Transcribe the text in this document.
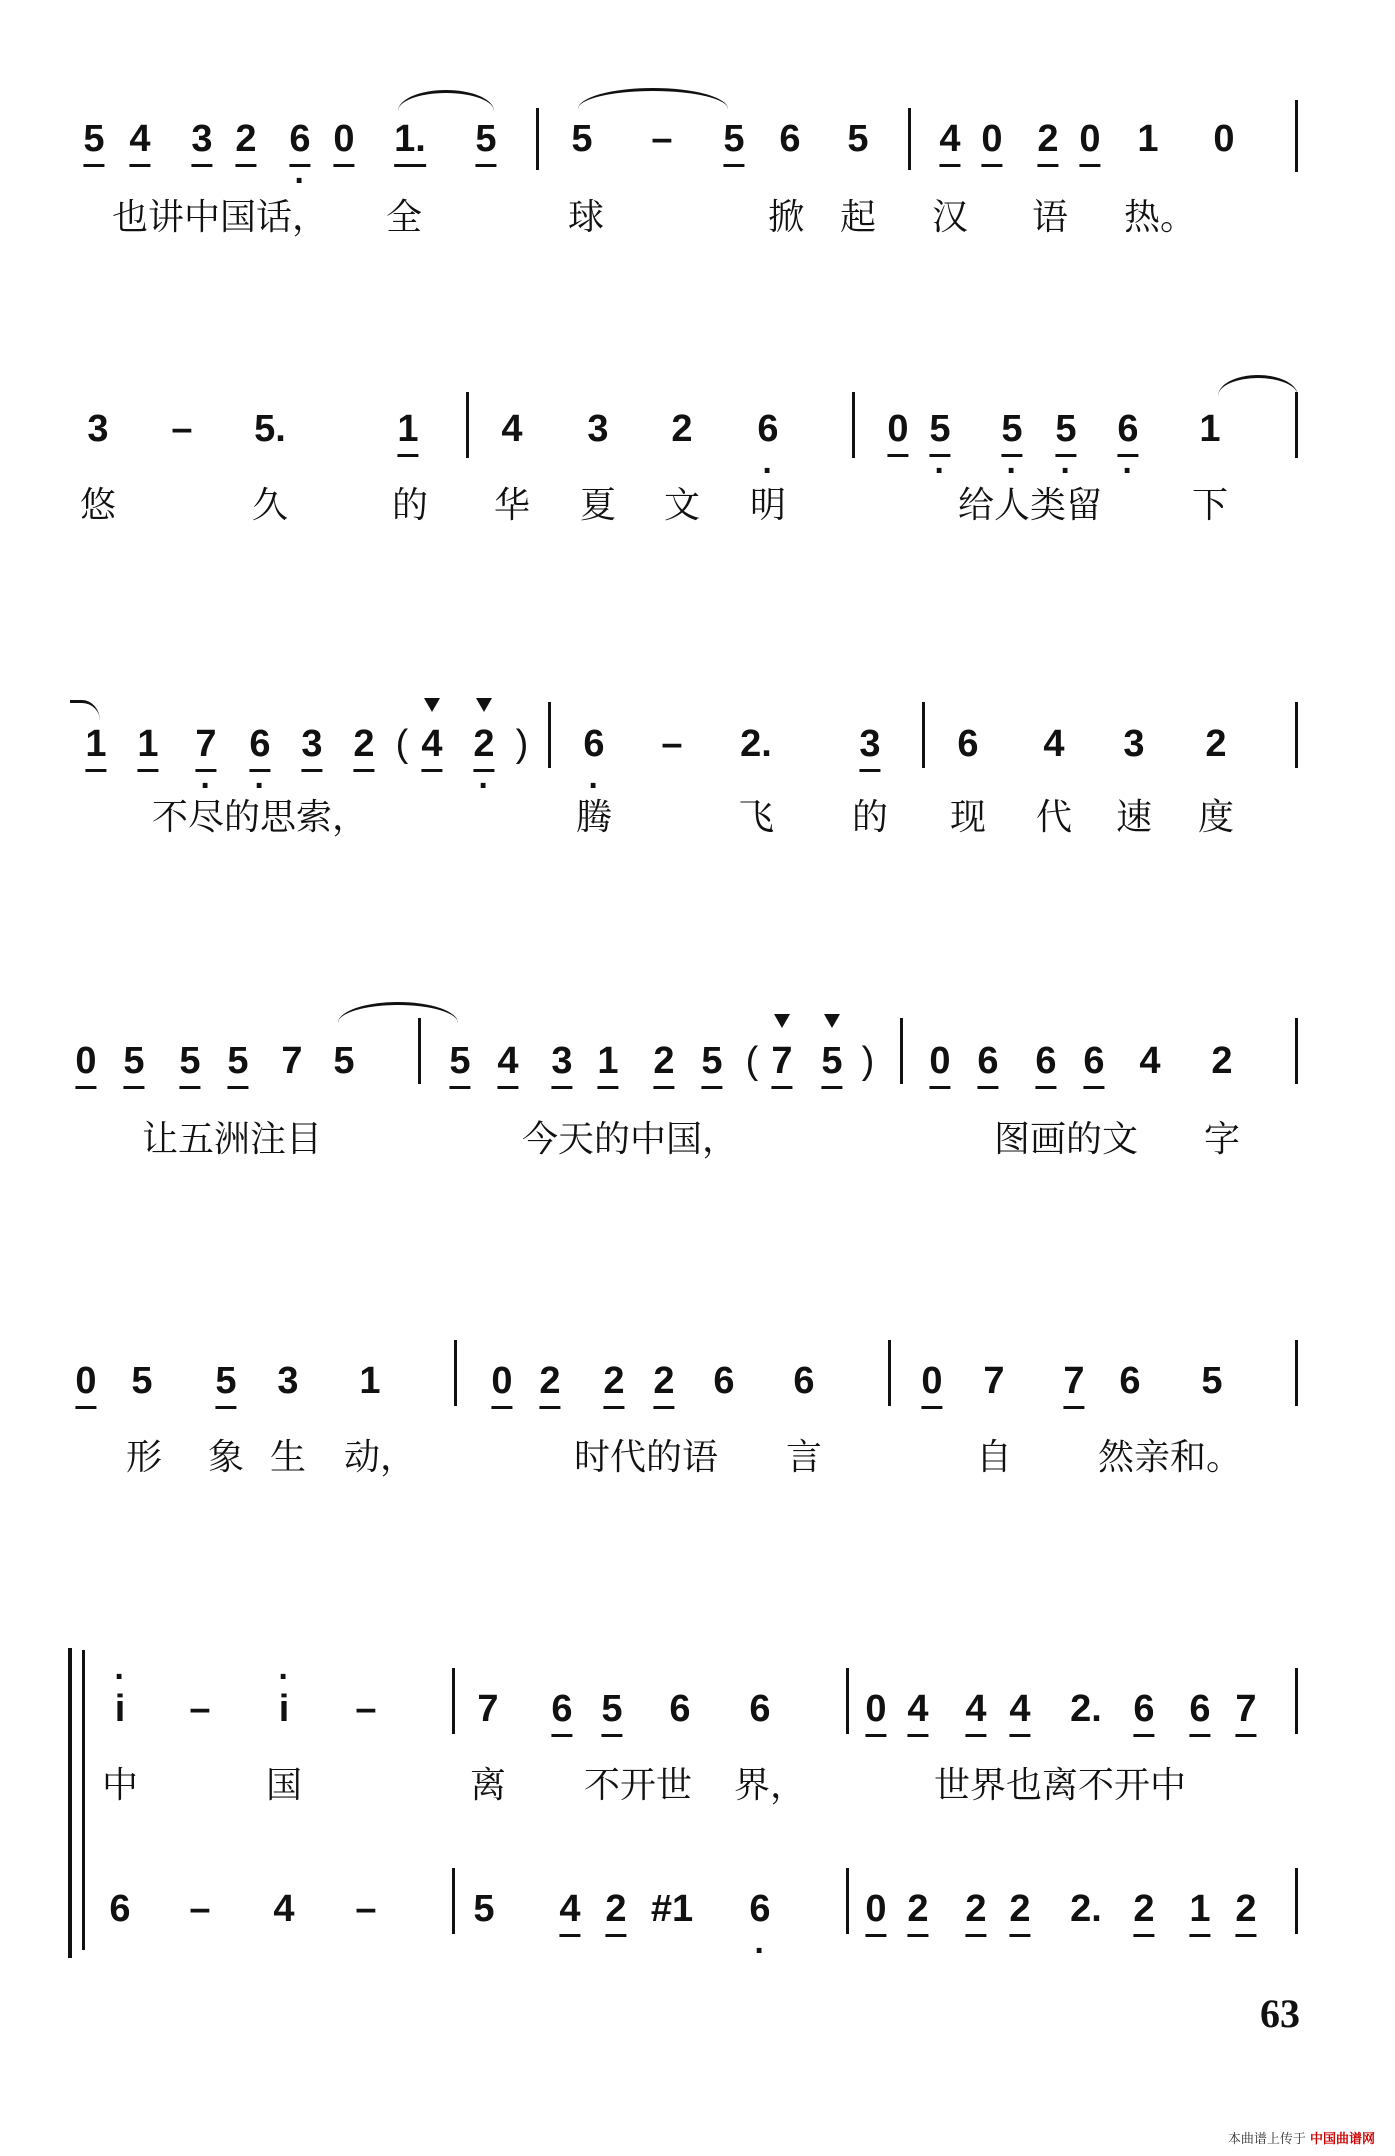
5 4 3 2 6 · 0 1. 5 5 – 5 6 5 4 0 2 0 1 0
也讲中国话， 全	球	掀 起 汉 语 热。
3 – 5.	1 4 3 2 6 ·	0 5 · 5 · 5 · 6 · 1
悠	久	的 华 夏 文 明	给人类留 下
1 1 7 · 6 · 3 2 ( 4 2 · ) 6 · – 2. 3 6 4 3 2
不尽的思索，	腾	飞 的 现 代 速 度
0 5 5 5 7 5 5 4 3 1 2 5 ( 7 5 ) 0 6 6 6 4 2
让五洲注目	今天的中国，	图画的文 字
0 5 5 3 1	0 2 2 2 6 6	0 7 7 6 5
形 象 生 动，	时代的语 言	自 然亲和。
· i –
· i –	7 6 5 6 6 0 4 4 4 2. 6 6 7
中	国	离 不开世 界，	世界也离不开中
6 – 4 –	5 4 2 #1 6 · 0 2 2 2 2. 2 1 2
63
本曲谱上传于 中国曲谱网
